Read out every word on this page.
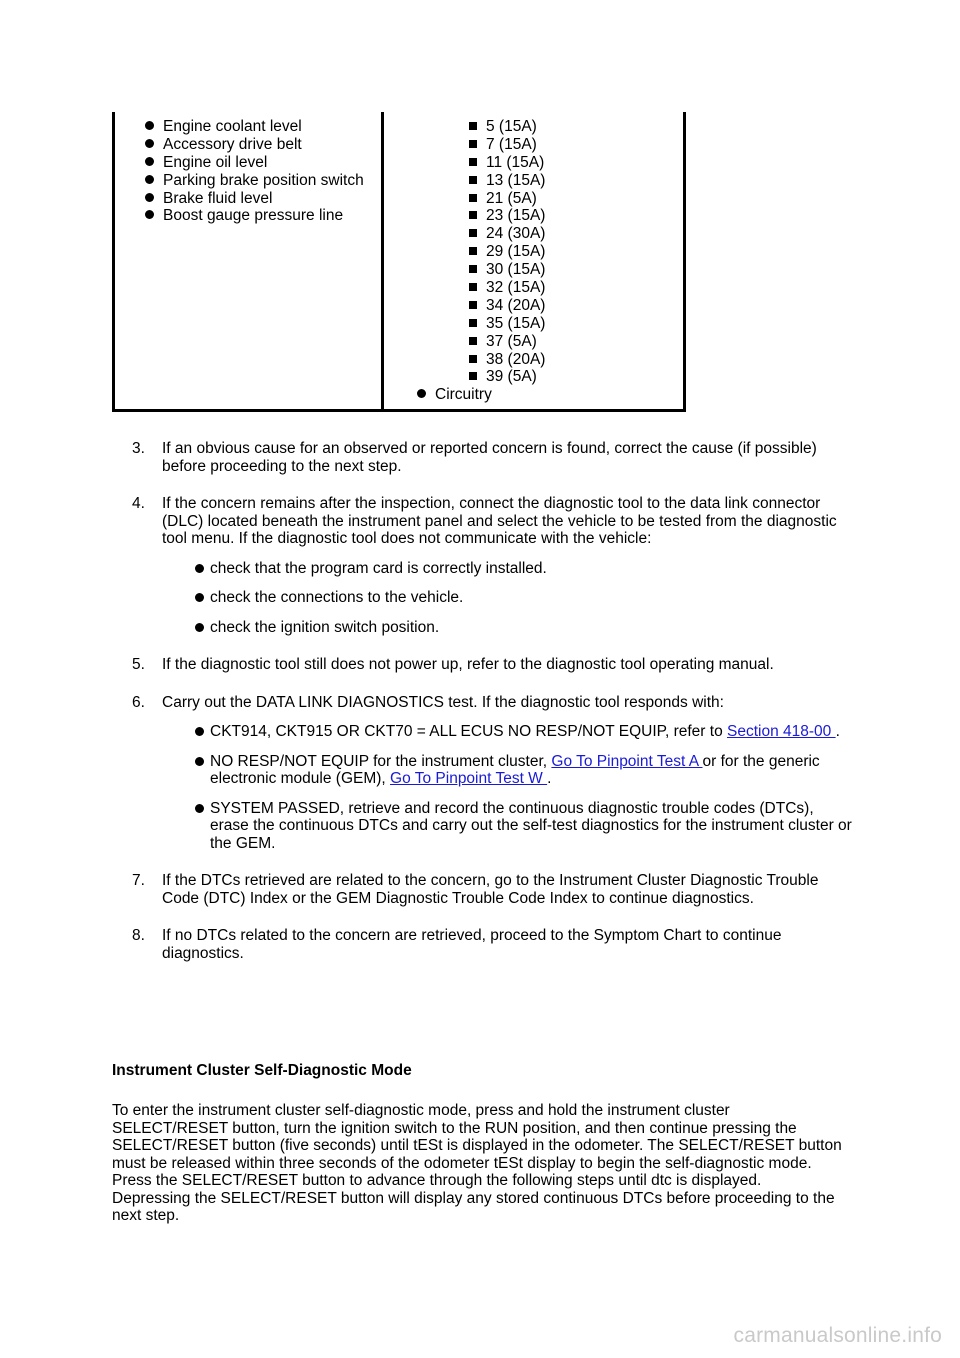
Engine coolant level
Accessory drive belt
Engine oil level
Parking brake position switch
Brake fluid level
Boost gauge pressure line
5 (15A)
7 (15A)
11 (15A)
13 (15A)
21 (5A)
23 (15A)
24 (30A)
29 (15A)
30 (15A)
32 (15A)
34 (20A)
35 (15A)
37 (5A)
38 (20A)
39 (5A)
Circuitry
3. If an obvious cause for an observed or reported concern is found, correct the cause (if possible) before proceeding to the next step.
4. If the concern remains after the inspection, connect the diagnostic tool to the data link connector (DLC) located beneath the instrument panel and select the vehicle to be tested from the diagnostic tool menu. If the diagnostic tool does not communicate with the vehicle:
check that the program card is correctly installed.
check the connections to the vehicle.
check the ignition switch position.
5. If the diagnostic tool still does not power up, refer to the diagnostic tool operating manual.
6. Carry out the DATA LINK DIAGNOSTICS test. If the diagnostic tool responds with:
CKT914, CKT915 OR CKT70 = ALL ECUS NO RESP/NOT EQUIP, refer to Section 418-00 .
NO RESP/NOT EQUIP for the instrument cluster, Go To Pinpoint Test A or for the generic electronic module (GEM), Go To Pinpoint Test W .
SYSTEM PASSED, retrieve and record the continuous diagnostic trouble codes (DTCs), erase the continuous DTCs and carry out the self-test diagnostics for the instrument cluster or the GEM.
7. If the DTCs retrieved are related to the concern, go to the Instrument Cluster Diagnostic Trouble Code (DTC) Index or the GEM Diagnostic Trouble Code Index to continue diagnostics.
8. If no DTCs related to the concern are retrieved, proceed to the Symptom Chart to continue diagnostics.
Instrument Cluster Self-Diagnostic Mode
To enter the instrument cluster self-diagnostic mode, press and hold the instrument cluster SELECT/RESET button, turn the ignition switch to the RUN position, and then continue pressing the SELECT/RESET button (five seconds) until tESt is displayed in the odometer. The SELECT/RESET button must be released within three seconds of the odometer tESt display to begin the self-diagnostic mode. Press the SELECT/RESET button to advance through the following steps until dtc is displayed. Depressing the SELECT/RESET button will display any stored continuous DTCs before proceeding to the next step.
carmanualsonline.info
